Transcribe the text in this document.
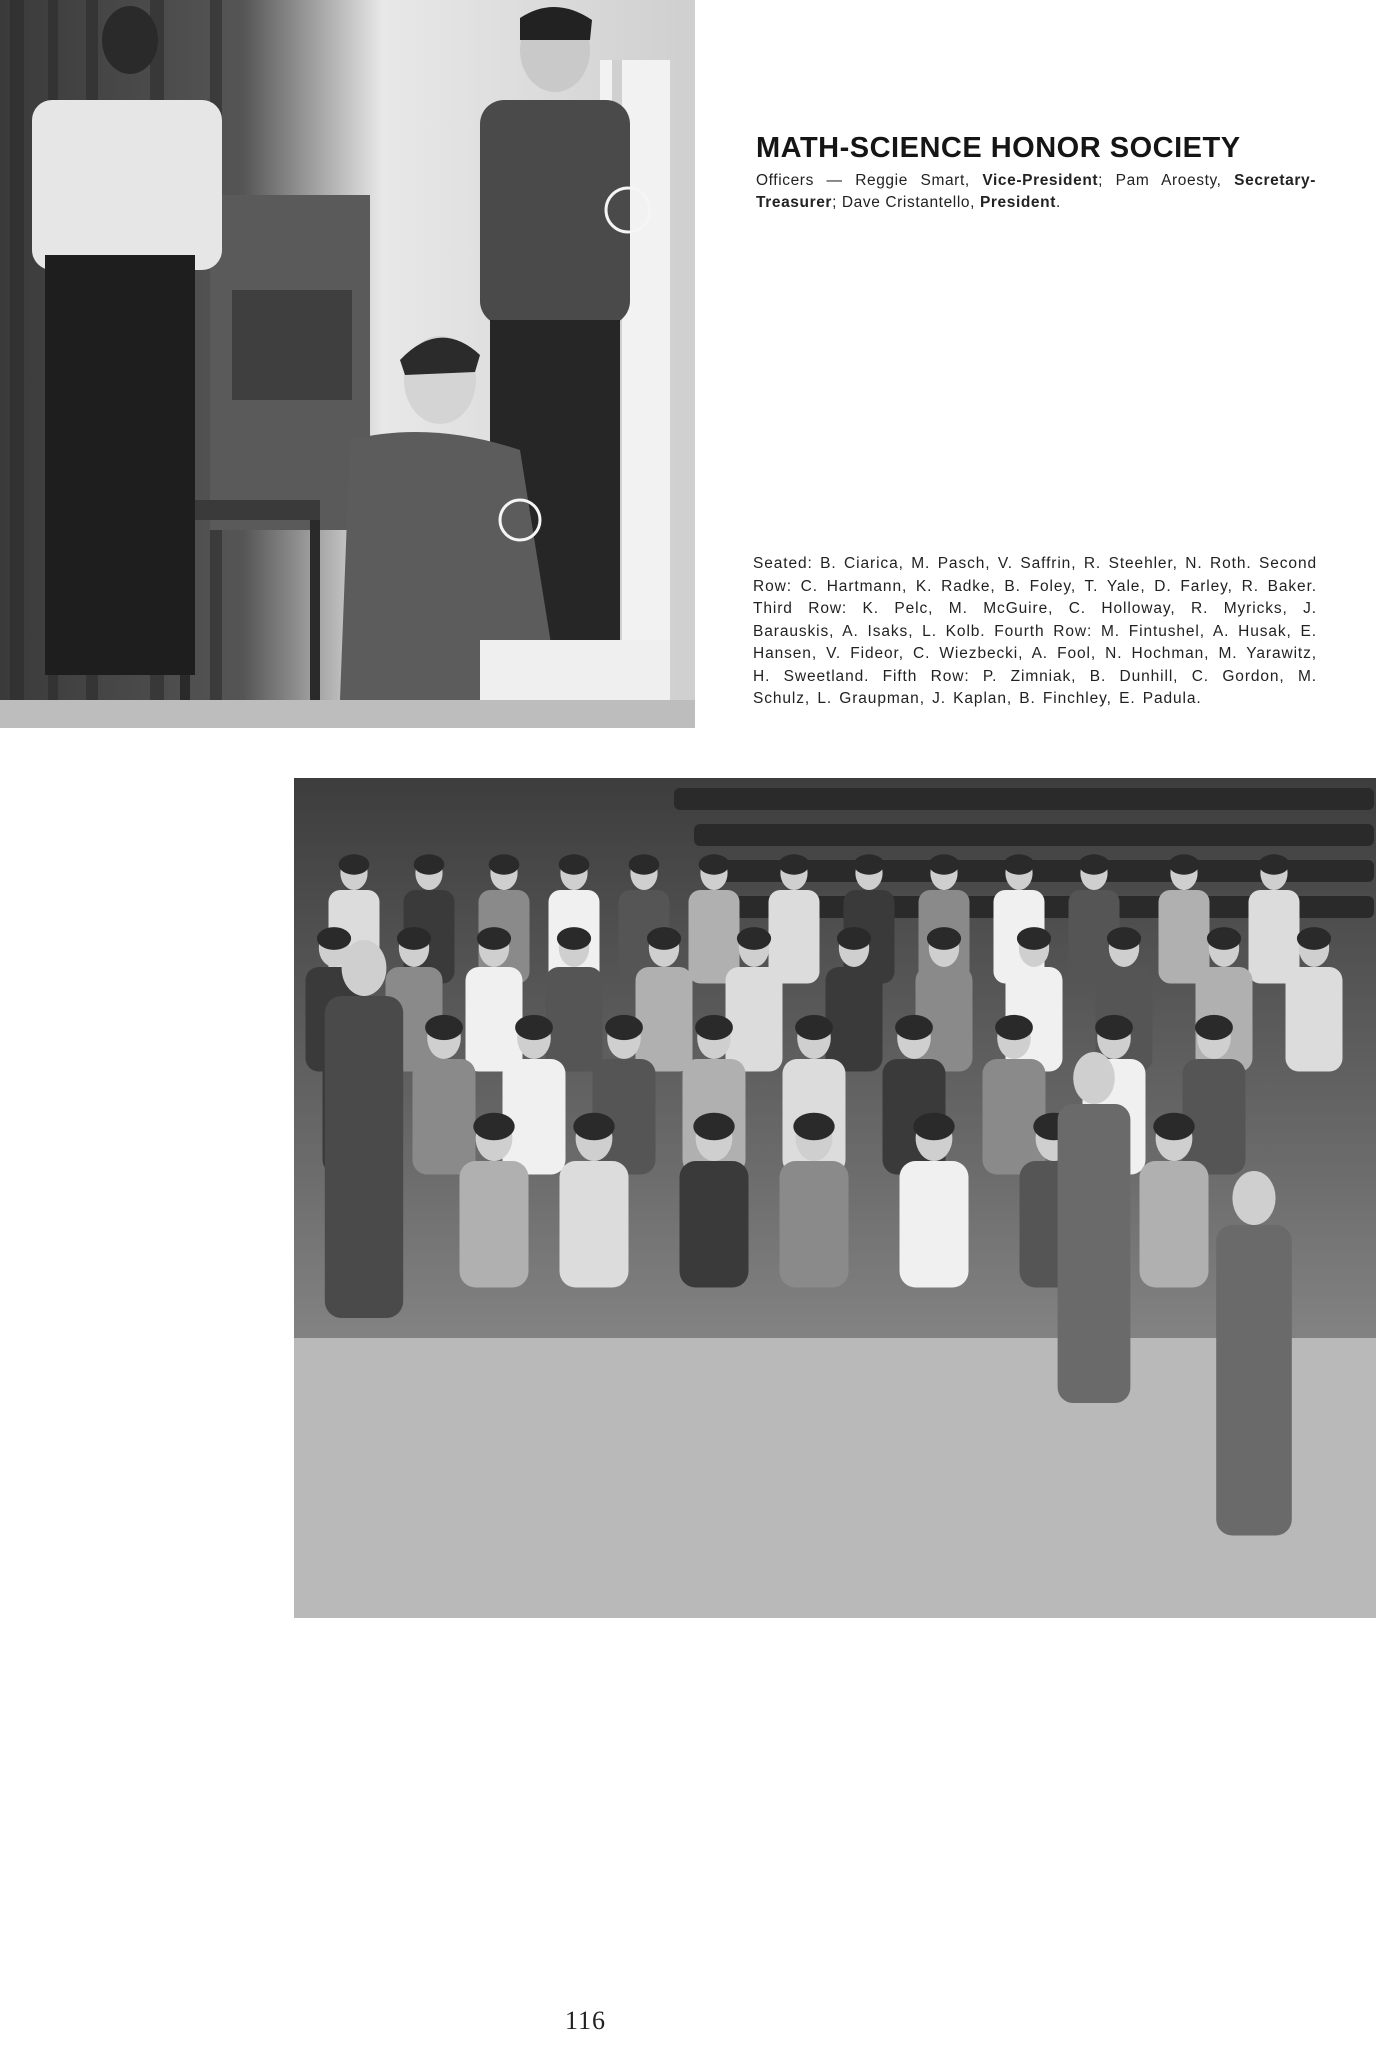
MATH-SCIENCE HONOR SOCIETY
Officers — Reggie Smart, Vice-President; Pam Aroesty, Secretary-Treasurer; Dave Cristantello, President.
Seated: B. Ciarica, M. Pasch, V. Saffrin, R. Steehler, N. Roth. Second Row: C. Hartmann, K. Radke, B. Foley, T. Yale, D. Farley, R. Baker. Third Row: K. Pelc, M. McGuire, C. Holloway, R. Myricks, J. Barauskis, A. Isaks, L. Kolb. Fourth Row: M. Fintushel, A. Husak, E. Hansen, V. Fideor, C. Wiezbecki, A. Fool, N. Hochman, M. Yarawitz, H. Sweetland. Fifth Row: P. Zimniak, B. Dunhill, C. Gordon, M. Schulz, L. Graupman, J. Kaplan, B. Finchley, E. Padula.
116
